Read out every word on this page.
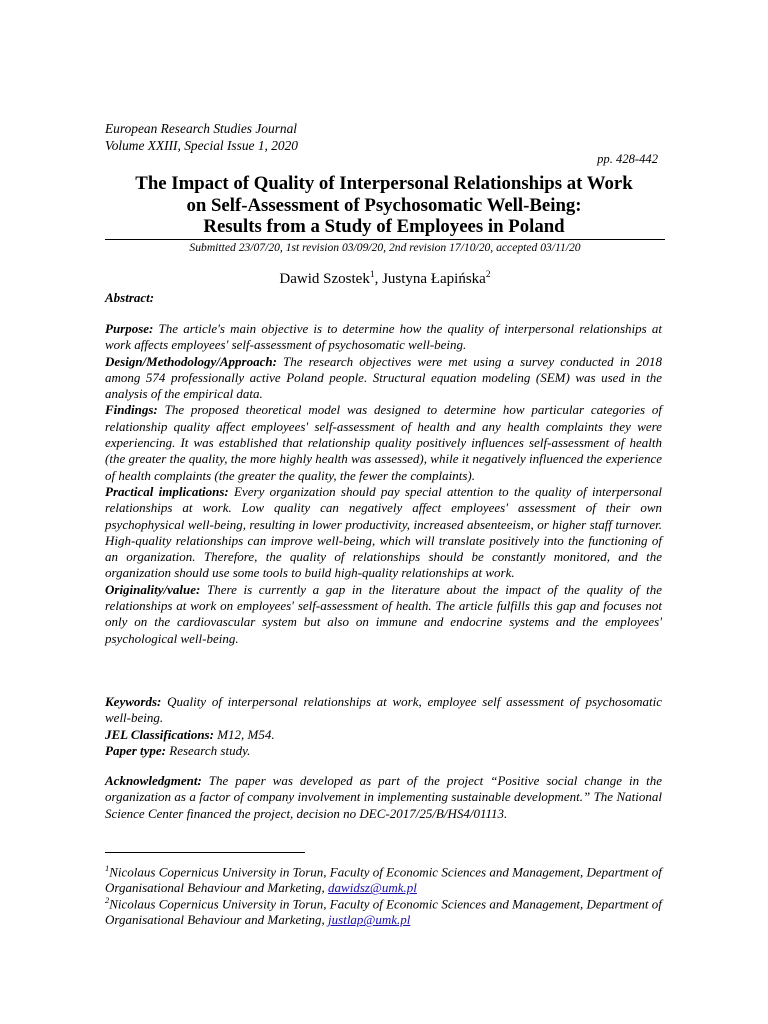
European Research Studies Journal
Volume XXIII, Special Issue 1, 2020
pp. 428-442
The Impact of Quality of Interpersonal Relationships at Work
on Self-Assessment of Psychosomatic Well-Being:
Results from a Study of Employees in Poland
Submitted 23/07/20, 1st revision 03/09/20, 2nd revision 17/10/20, accepted 03/11/20
Dawid Szostek$^1$, Justyna Łapińska$^2$
Abstract:

Purpose: The article's main objective is to determine how the quality of interpersonal relationships at work affects employees' self-assessment of psychosomatic well-being.

Design/Methodology/Approach: The research objectives were met using a survey conducted in 2018 among 574 professionally active Poland people. Structural equation modeling (SEM) was used in the analysis of the empirical data.

Findings: The proposed theoretical model was designed to determine how particular categories of relationship quality affect employees' self-assessment of health and any health complaints they were experiencing. It was established that relationship quality positively influences self-assessment of health (the greater the quality, the more highly health was assessed), while it negatively influenced the experience of health complaints (the greater the quality, the fewer the complaints).

Practical implications: Every organization should pay special attention to the quality of interpersonal relationships at work. Low quality can negatively affect employees' assessment of their own psychophysical well-being, resulting in lower productivity, increased absenteeism, or higher staff turnover. High-quality relationships can improve well-being, which will translate positively into the functioning of an organization. Therefore, the quality of relationships should be constantly monitored, and the organization should use some tools to build high-quality relationships at work.

Originality/value: There is currently a gap in the literature about the impact of the quality of the relationships at work on employees' self-assessment of health. The article fulfills this gap and focuses not only on the cardiovascular system but also on immune and endocrine systems and the employees' psychological well-being.

Keywords: Quality of interpersonal relationships at work, employee self assessment of psychosomatic well-being.

JEL Classifications: M12, M54.

Paper type: Research study.

Acknowledgment: The paper was developed as part of the project “Positive social change in the organization as a factor of company involvement in implementing sustainable development.” The National Science Center financed the project, decision no DEC-2017/25/B/HS4/01113.

$^1$Nicolaus Copernicus University in Torun, Faculty of Economic Sciences and Management, Department of Organisational Behaviour and Marketing, dawidsz@umk.pl
$^2$Nicolaus Copernicus University in Torun, Faculty of Economic Sciences and Management, Department of Organisational Behaviour and Marketing, justlap@umk.pl
